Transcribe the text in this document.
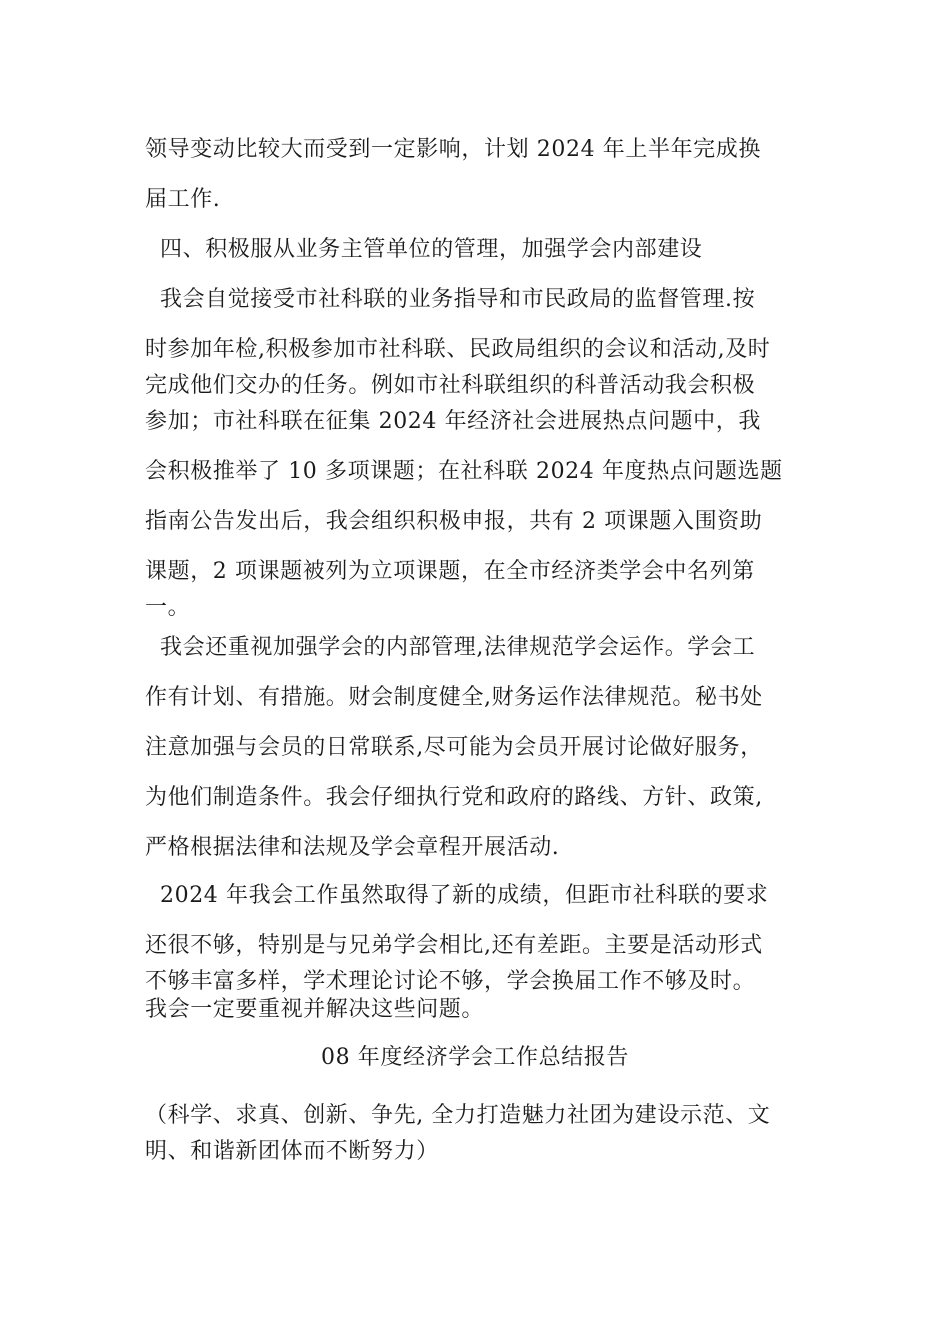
领导变动比较大而受到一定影响，计划 2024 年上半年完成换
届工作.
四、积极服从业务主管单位的管理，加强学会内部建设
我会自觉接受市社科联的业务指导和市民政局的监督管理.按
时参加年检,积极参加市社科联、民政局组织的会议和活动,及时
完成他们交办的任务。例如市社科联组织的科普活动我会积极
参加；市社科联在征集 2024 年经济社会进展热点问题中，我
会积极推举了 10 多项课题；在社科联 2024 年度热点问题选题
指南公告发出后，我会组织积极申报，共有 2 项课题入围资助
课题，2 项课题被列为立项课题，在全市经济类学会中名列第
一。
我会还重视加强学会的内部管理,法律规范学会运作。学会工
作有计划、有措施。财会制度健全,财务运作法律规范。秘书处
注意加强与会员的日常联系,尽可能为会员开展讨论做好服务，
为他们制造条件。我会仔细执行党和政府的路线、方针、政策,
严格根据法律和法规及学会章程开展活动.
2024 年我会工作虽然取得了新的成绩，但距市社科联的要求
还很不够，特别是与兄弟学会相比,还有差距。主要是活动形式
不够丰富多样，学术理论讨论不够，学会换届工作不够及时。
我会一定要重视并解决这些问题。
08 年度经济学会工作总结报告
（科学、求真、创新、争先, 全力打造魅力社团为建设示范、文
明、和谐新团体而不断努力）
